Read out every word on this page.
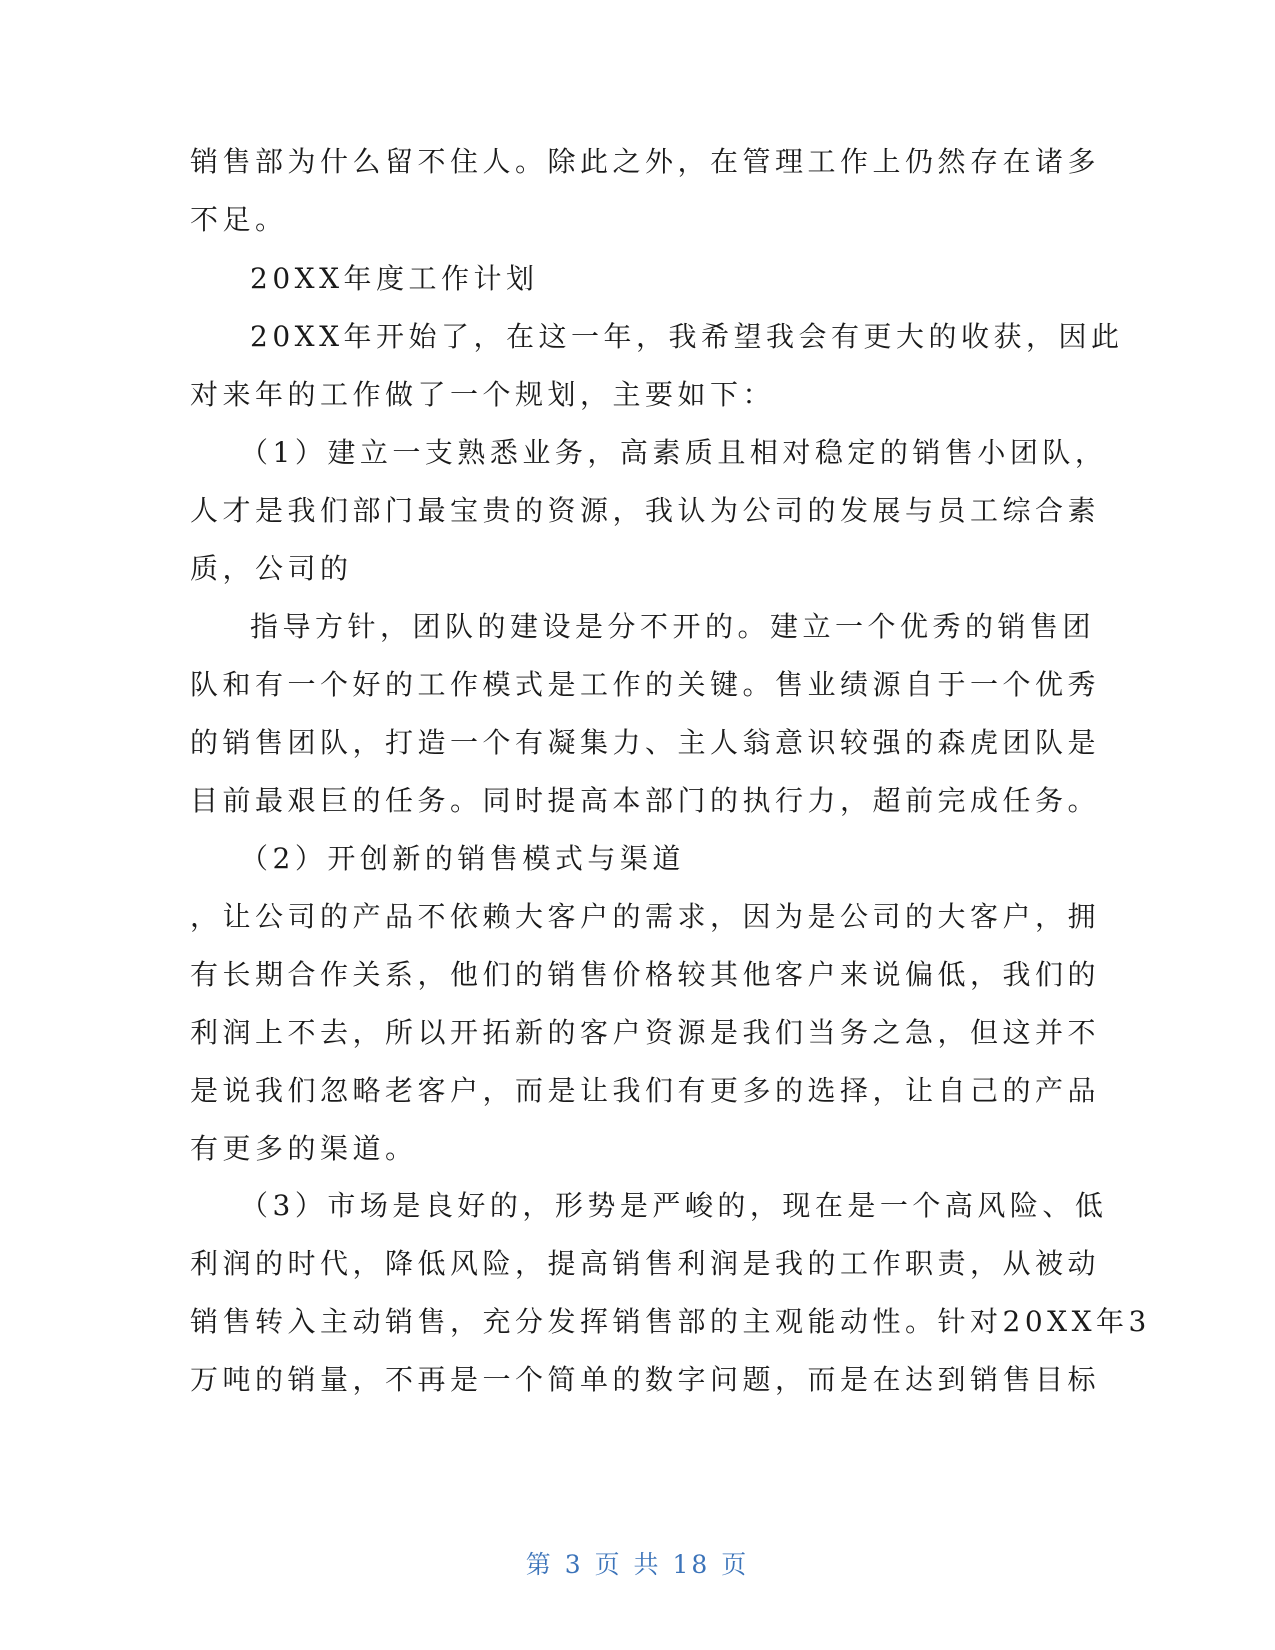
销售部为什么留不住人。除此之外，在管理工作上仍然存在诸多
不足。
20XX年度工作计划
20XX年开始了，在这一年，我希望我会有更大的收获，因此
对来年的工作做了一个规划，主要如下：
（1）建立一支熟悉业务，高素质且相对稳定的销售小团队，
人才是我们部门最宝贵的资源，我认为公司的发展与员工综合素
质，公司的
指导方针，团队的建设是分不开的。建立一个优秀的销售团
队和有一个好的工作模式是工作的关键。售业绩源自于一个优秀
的销售团队，打造一个有凝集力、主人翁意识较强的森虎团队是
目前最艰巨的任务。同时提高本部门的执行力，超前完成任务。
（2）开创新的销售模式与渠道
，让公司的产品不依赖大客户的需求，因为是公司的大客户，拥
有长期合作关系，他们的销售价格较其他客户来说偏低，我们的
利润上不去，所以开拓新的客户资源是我们当务之急，但这并不
是说我们忽略老客户，而是让我们有更多的选择，让自己的产品
有更多的渠道。
（3）市场是良好的，形势是严峻的，现在是一个高风险、低
利润的时代，降低风险，提高销售利润是我的工作职责，从被动
销售转入主动销售，充分发挥销售部的主观能动性。针对20XX年3
万吨的销量，不再是一个简单的数字问题，而是在达到销售目标
第 3 页 共 18 页
